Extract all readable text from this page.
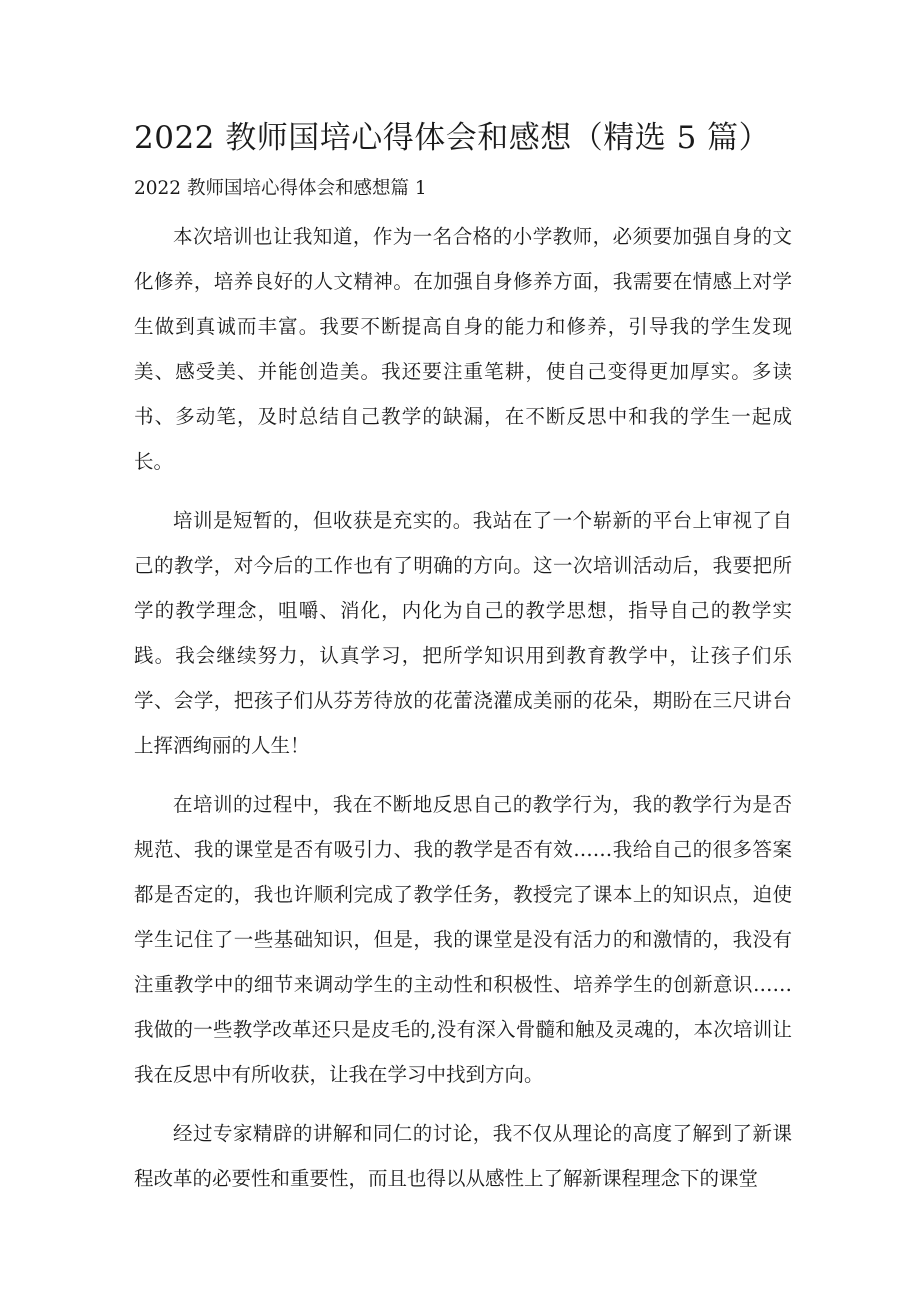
2022 教师国培心得体会和感想（精选 5 篇）
2022 教师国培心得体会和感想篇 1

本次培训也让我知道，作为一名合格的小学教师，必须要加强自身的文化修养，培养良好的人文精神。在加强自身修养方面，我需要在情感上对学生做到真诚而丰富。我要不断提高自身的能力和修养，引导我的学生发现美、感受美、并能创造美。我还要注重笔耕，使自己变得更加厚实。多读书、多动笔，及时总结自己教学的缺漏，在不断反思中和我的学生一起成长。

培训是短暂的，但收获是充实的。我站在了一个崭新的平台上审视了自己的教学，对今后的工作也有了明确的方向。这一次培训活动后，我要把所学的教学理念，咀嚼、消化，内化为自己的教学思想，指导自己的教学实践。我会继续努力，认真学习，把所学知识用到教育教学中，让孩子们乐学、会学，把孩子们从芬芳待放的花蕾浇灌成美丽的花朵，期盼在三尺讲台上挥洒绚丽的人生！

在培训的过程中，我在不断地反思自己的教学行为，我的教学行为是否规范、我的课堂是否有吸引力、我的教学是否有效……我给自己的很多答案都是否定的，我也许顺利完成了教学任务，教授完了课本上的知识点，迫使学生记住了一些基础知识，但是，我的课堂是没有活力的和激情的，我没有注重教学中的细节来调动学生的主动性和积极性、培养学生的创新意识……我做的一些教学改革还只是皮毛的,没有深入骨髓和触及灵魂的，本次培训让我在反思中有所收获，让我在学习中找到方向。

经过专家精辟的讲解和同仁的讨论，我不仅从理论的高度了解到了新课程改革的必要性和重要性，而且也得以从感性上了解新课程理念下的课堂
